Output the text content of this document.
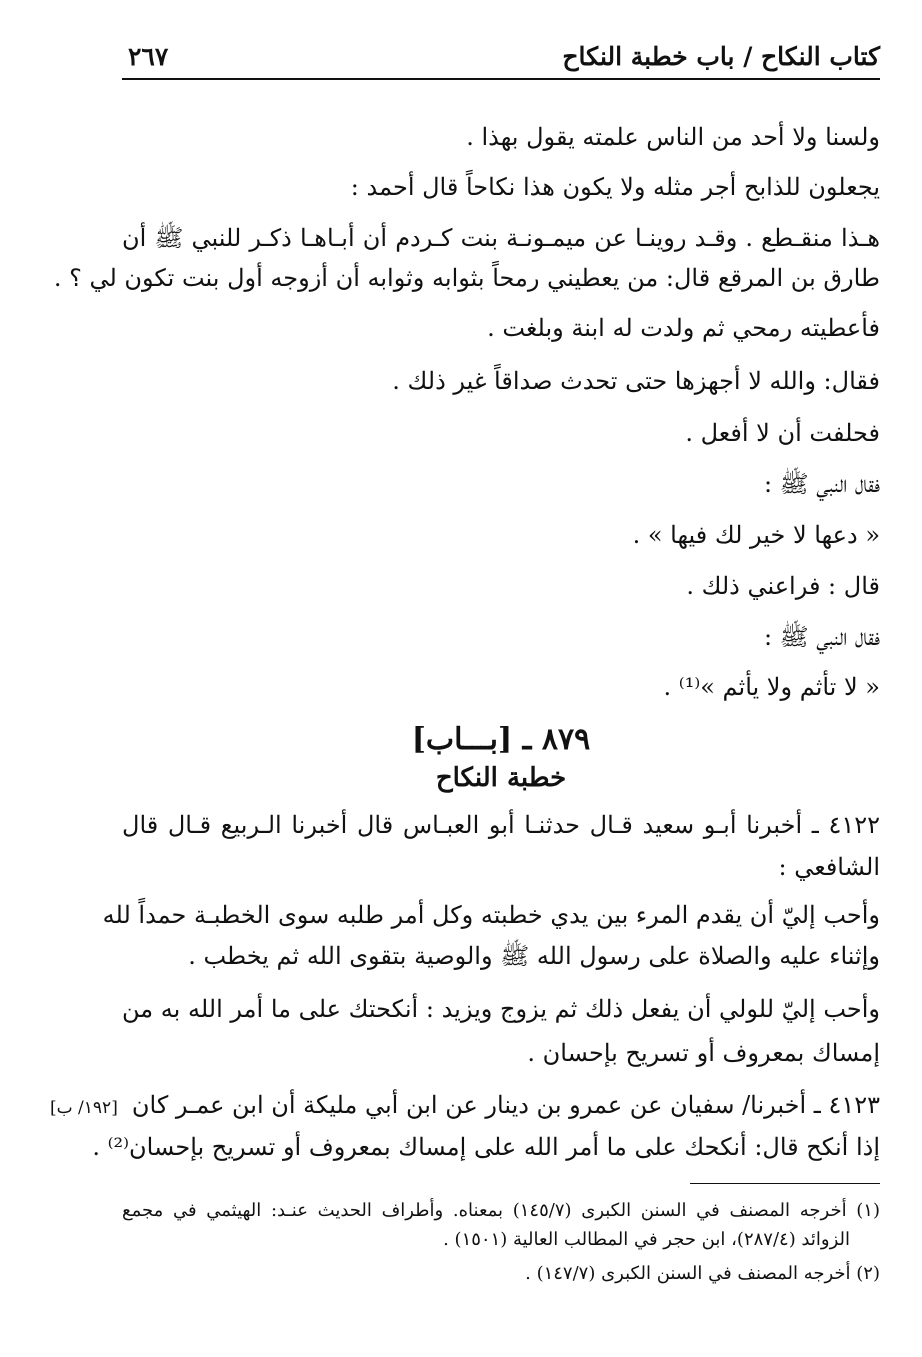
كتاب النكاح / باب خطبة النكاح
٢٦٧
ولسنا ولا أحد من الناس علمته يقول بهذا .
يجعلون للذابح أجر مثله ولا يكون هذا نكاحاً قال أحمد :
هـذا منقـطع . وقـد روينـا عن ميمـونـة بنت كـردم أن أبـاهـا ذكـر للنبي ﷺ أن
طارق بن المرقع قال: من يعطيني رمحاً بثوابه وثوابه أن أزوجه أول بنت تكون لي ؟ .
فأعطيته رمحي ثم ولدت له ابنة وبلغت .
فقال: والله لا أجهزها حتى تحدث صداقاً غير ذلك .
فحلفت أن لا أفعل .
فقال النبي ﷺ :
« دعها لا خير لك فيها » .
قال : فراعني ذلك .
فقال النبي ﷺ :
« لا تأثم ولا يأثم »⁽¹⁾ .
٨٧٩ ـ [بـــاب]
خطبة النكاح
٤١٢٢ ـ أخبرنا أبـو سعيد قـال حدثنـا أبو العبـاس قال أخبرنا الـربيع قـال قال
الشافعي :
وأحب إليّ أن يقدم المرء بين يدي خطبته وكل أمر طلبه سوى الخطبـة حمداً لله
وإثناء عليه والصلاة على رسول الله ﷺ والوصية بتقوى الله ثم يخطب .
وأحب إليّ للولي أن يفعل ذلك ثم يزوج ويزيد : أنكحتك على ما أمر الله به من
إمساك بمعروف أو تسريح بإحسان .
[١٩٢/ ب] ٤١٢٣ ـ أخبرنا/ سفيان عن عمرو بن دينار عن ابن أبي مليكة أن ابن عمـر كان
إذا أنكح قال: أنكحك على ما أمر الله على إمساك بمعروف أو تسريح بإحسان⁽²⁾ .
(١) أخرجه المصنف في السنن الكبرى (١٤٥/٧) بمعناه. وأطراف الحديث عنـد: الهيثمي في مجمع
الزوائد (٢٨٧/٤)، ابن حجر في المطالب العالية (١٥٠١) .
(٢) أخرجه المصنف في السنن الكبرى (١٤٧/٧) .
